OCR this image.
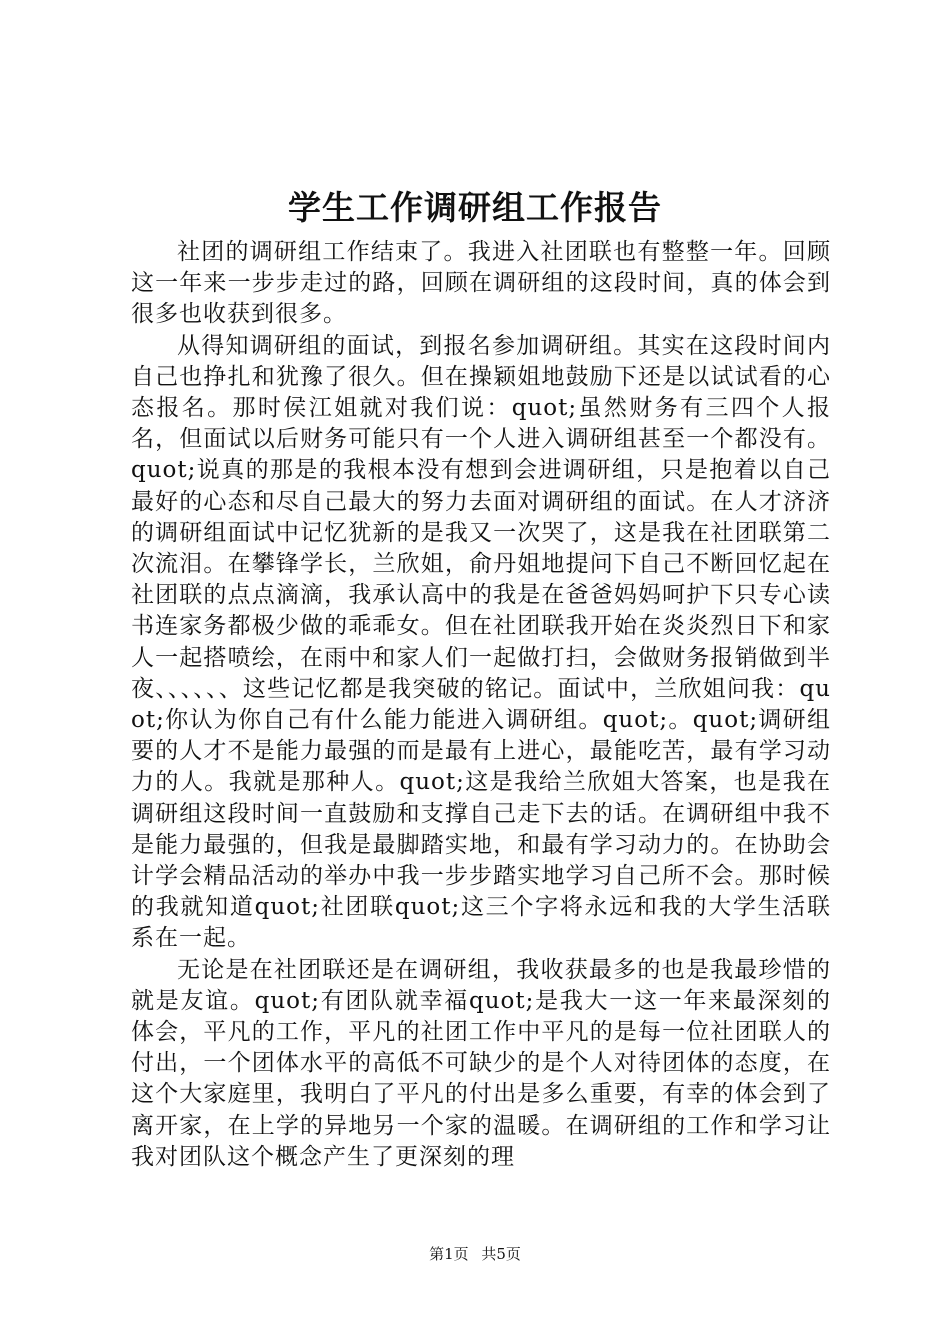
学生工作调研组工作报告

社团的调研组工作结束了。我进入社团联也有整整一年。回顾这一年来一步步走过的路，回顾在调研组的这段时间，真的体会到很多也收获到很多。

从得知调研组的面试，到报名参加调研组。其实在这段时间内自己也挣扎和犹豫了很久。但在操颖姐地鼓励下还是以试试看的心态报名。那时侯江姐就对我们说：quot;虽然财务有三四个人报名，但面试以后财务可能只有一个人进入调研组甚至一个都没有。quot;说真的那是的我根本没有想到会进调研组，只是抱着以自己最好的心态和尽自己最大的努力去面对调研组的面试。在人才济济的调研组面试中记忆犹新的是我又一次哭了，这是我在社团联第二次流泪。在攀锋学长，兰欣姐，俞丹姐地提问下自己不断回忆起在社团联的点点滴滴，我承认高中的我是在爸爸妈妈呵护下只专心读书连家务都极少做的乖乖女。但在社团联我开始在炎炎烈日下和家人一起搭喷绘，在雨中和家人们一起做打扫，会做财务报销做到半夜、、、、、、这些记忆都是我突破的铭记。面试中，兰欣姐问我：quot;你认为你自己有什么能力能进入调研组。quot;。quot;调研组要的人才不是能力最强的而是最有上进心，最能吃苦，最有学习动力的人。我就是那种人。quot;这是我给兰欣姐大答案，也是我在调研组这段时间一直鼓励和支撑自己走下去的话。在调研组中我不是能力最强的，但我是最脚踏实地，和最有学习动力的。在协助会计学会精品活动的举办中我一步步踏实地学习自己所不会。那时候的我就知道quot;社团联quot;这三个字将永远和我的大学生活联系在一起。

无论是在社团联还是在调研组，我收获最多的也是我最珍惜的就是友谊。quot;有团队就幸福quot;是我大一这一年来最深刻的体会，平凡的工作，平凡的社团工作中平凡的是每一位社团联人的付出，一个团体水平的高低不可缺少的是个人对待团体的态度，在这个大家庭里，我明白了平凡的付出是多么重要，有幸的体会到了离开家，在上学的异地另一个家的温暖。在调研组的工作和学习让我对团队这个概念产生了更深刻的理

第1页 共5页
